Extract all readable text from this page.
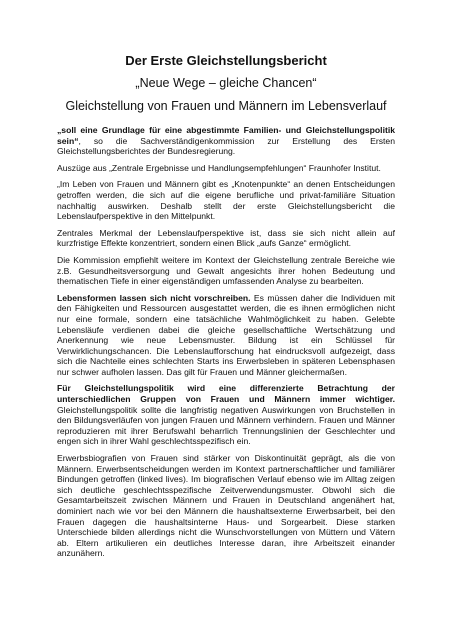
Der Erste Gleichstellungsbericht
„Neue Wege – gleiche Chancen“
Gleichstellung von Frauen und Männern im Lebensverlauf

„soll eine Grundlage für eine abgestimmte Familien- und Gleichstellungspolitik sein“, so die Sachverständigenkommission zur Erstellung des Ersten Gleichstellungsberichtes der Bundesregierung.

Auszüge aus „Zentrale Ergebnisse und Handlungsempfehlungen“ Fraunhofer Institut.

„Im Leben von Frauen und Männern gibt es „Knotenpunkte“ an denen Entscheidungen getroffen werden, die sich auf die eigene berufliche und privat-familiäre Situation nachhaltig auswirken. Deshalb stellt der erste Gleichstellungsbericht die Lebenslaufperspektive in den Mittelpunkt.

Zentrales Merkmal der Lebenslaufperspektive ist, dass sie sich nicht allein auf kurzfristige Effekte konzentriert, sondern einen Blick „aufs Ganze“ ermöglicht.

Die Kommission empfiehlt weitere im Kontext der Gleichstellung zentrale Bereiche wie z.B. Gesundheitsversorgung und Gewalt angesichts ihrer hohen Bedeutung und thematischen Tiefe in einer eigenständigen umfassenden Analyse zu bearbeiten.

Lebensformen lassen sich nicht vorschreiben. Es müssen daher die Individuen mit den Fähigkeiten und Ressourcen ausgestattet werden, die es ihnen ermöglichen nicht nur eine formale, sondern eine tatsächliche Wahlmöglichkeit zu haben. Gelebte Lebensläufe verdienen dabei die gleiche gesellschaftliche Wertschätzung und Anerkennung wie neue Lebensmuster. Bildung ist ein Schlüssel für Verwirklichungschancen. Die Lebenslaufforschung hat eindrucksvoll aufgezeigt, dass sich die Nachteile eines schlechten Starts ins Erwerbsleben in späteren Lebensphasen nur schwer aufholen lassen. Das gilt für Frauen und Männer gleichermaßen.

Für Gleichstellungspolitik wird eine differenzierte Betrachtung der unterschiedlichen Gruppen von Frauen und Männern immer wichtiger. Gleichstellungspolitik sollte die langfristig negativen Auswirkungen von Bruchstellen in den Bildungsverläufen von jungen Frauen und Männern verhindern. Frauen und Männer reproduzieren mit ihrer Berufswahl beharrlich Trennungslinien der Geschlechter und engen sich in ihrer Wahl geschlechtsspezifisch ein.

Erwerbsbiografien von Frauen sind stärker von Diskontinuität geprägt, als die von Männern. Erwerbsentscheidungen werden im Kontext partnerschaftlicher und familiärer Bindungen getroffen (linked lives). Im biografischen Verlauf ebenso wie im Alltag zeigen sich deutliche geschlechtsspezifische Zeitverwendungsmuster. Obwohl sich die Gesamtarbeitszeit zwischen Männern und Frauen in Deutschland angenähert hat, dominiert nach wie vor bei den Männern die haushaltsexterne Erwerbsarbeit, bei den Frauen dagegen die haushaltsinterne Haus- und Sorgearbeit. Diese starken Unterschiede bilden allerdings nicht die Wunschvorstellungen von Müttern und Vätern ab. Eltern artikulieren ein deutliches Interesse daran, ihre Arbeitszeit einander anzunähern.
